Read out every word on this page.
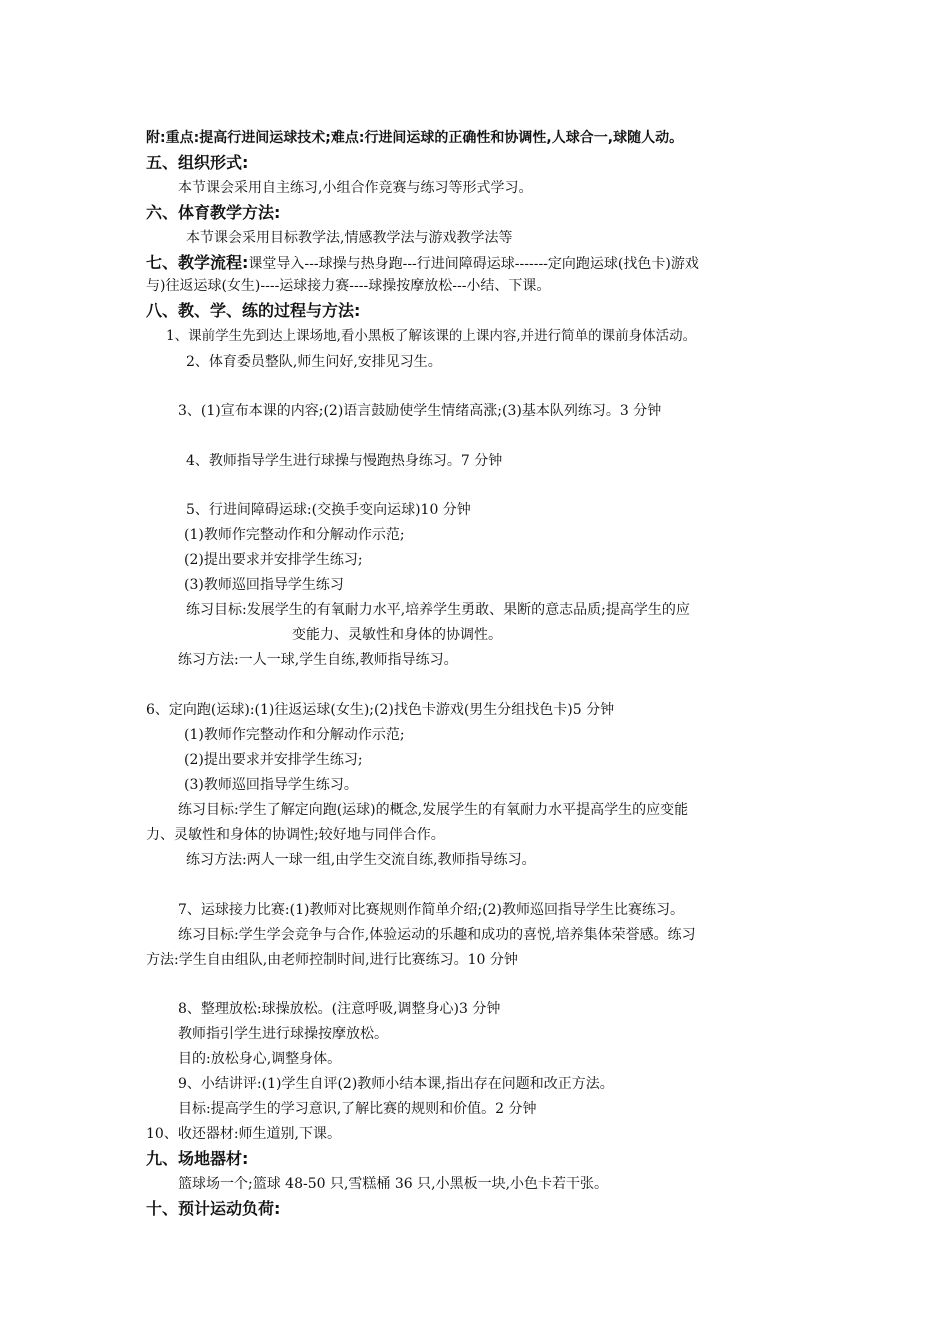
附:重点:提高行进间运球技术;难点:行进间运球的正确性和协调性,人球合一,球随人动。
五、组织形式:
本节课会采用自主练习,小组合作竞赛与练习等形式学习。
六、体育教学方法:
本节课会采用目标教学法,情感教学法与游戏教学法等
七、教学流程:课堂导入---球操与热身跑---行进间障碍运球-------定向跑运球(找色卡)游戏
与)往返运球(女生)----运球接力赛----球操按摩放松---小结、下课。
八、教、学、练的过程与方法:
1、课前学生先到达上课场地,看小黑板了解该课的上课内容,并进行简单的课前身体活动。
2、体育委员整队,师生问好,安排见习生。
3、(1)宣布本课的内容;(2)语言鼓励使学生情绪高涨;(3)基本队列练习。3 分钟
4、教师指导学生进行球操与慢跑热身练习。7 分钟
5、行进间障碍运球:(交换手变向运球)10 分钟
(1)教师作完整动作和分解动作示范;
(2)提出要求并安排学生练习;
(3)教师巡回指导学生练习
练习目标:发展学生的有氧耐力水平,培养学生勇敢、果断的意志品质;提高学生的应
变能力、灵敏性和身体的协调性。
练习方法:一人一球,学生自练,教师指导练习。
6、定向跑(运球):(1)往返运球(女生);(2)找色卡游戏(男生分组找色卡)5 分钟
(1)教师作完整动作和分解动作示范;
(2)提出要求并安排学生练习;
(3)教师巡回指导学生练习。
练习目标:学生了解定向跑(运球)的概念,发展学生的有氧耐力水平提高学生的应变能
力、灵敏性和身体的协调性;较好地与同伴合作。
练习方法:两人一球一组,由学生交流自练,教师指导练习。
7、运球接力比赛:(1)教师对比赛规则作简单介绍;(2)教师巡回指导学生比赛练习。
练习目标:学生学会竞争与合作,体验运动的乐趣和成功的喜悦,培养集体荣誉感。练习
方法:学生自由组队,由老师控制时间,进行比赛练习。10 分钟
8、整理放松:球操放松。(注意呼吸,调整身心)3 分钟
教师指引学生进行球操按摩放松。
目的:放松身心,调整身体。
9、小结讲评:(1)学生自评(2)教师小结本课,指出存在问题和改正方法。
目标:提高学生的学习意识,了解比赛的规则和价值。2 分钟
10、收还器材:师生道别,下课。
九、场地器材:
篮球场一个;篮球 48-50 只,雪糕桶 36 只,小黑板一块,小色卡若干张。
十、预计运动负荷:
